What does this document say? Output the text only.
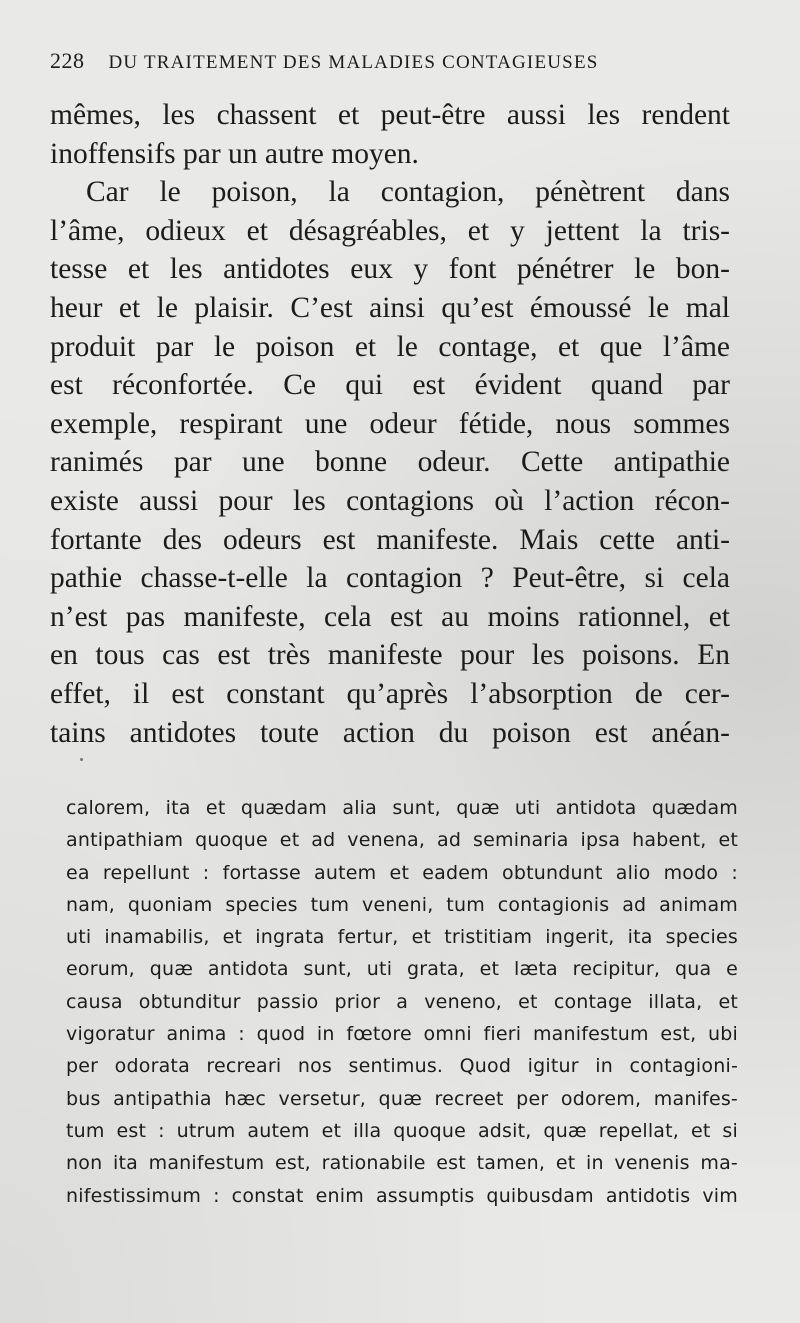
228 DU TRAITEMENT DES MALADIES CONTAGIEUSES
mêmes, les chassent et peut-être aussi les rendent
inoffensifs par un autre moyen.
Car le poison, la contagion, pénètrent dans
l’âme, odieux et désagréables, et y jettent la tris-
tesse et les antidotes eux y font pénétrer le bon-
heur et le plaisir. C’est ainsi qu’est émoussé le mal
produit par le poison et le contage, et que l’âme
est réconfortée. Ce qui est évident quand par
exemple, respirant une odeur fétide, nous sommes
ranimés par une bonne odeur. Cette antipathie
existe aussi pour les contagions où l’action récon-
fortante des odeurs est manifeste. Mais cette anti-
pathie chasse-t-elle la contagion ? Peut-être, si cela
n’est pas manifeste, cela est au moins rationnel, et
en tous cas est très manifeste pour les poisons. En
effet, il est constant qu’après l’absorption de cer-
tains antidotes toute action du poison est anéan-
calorem, ita et quædam alia sunt, quæ uti antidota quædam
antipathiam quoque et ad venena, ad seminaria ipsa habent, et
ea repellunt : fortasse autem et eadem obtundunt alio modo :
nam, quoniam species tum veneni, tum contagionis ad animam
uti inamabilis, et ingrata fertur, et tristitiam ingerit, ita species
eorum, quæ antidota sunt, uti grata, et læta recipitur, qua e
causa obtunditur passio prior a veneno, et contage illata, et
vigoratur anima : quod in fœtore omni fieri manifestum est, ubi
per odorata recreari nos sentimus. Quod igitur in contagioni-
bus antipathia hæc versetur, quæ recreet per odorem, manifes-
tum est : utrum autem et illa quoque adsit, quæ repellat, et si
non ita manifestum est, rationabile est tamen, et in venenis ma-
nifestissimum : constat enim assumptis quibusdam antidotis vim
